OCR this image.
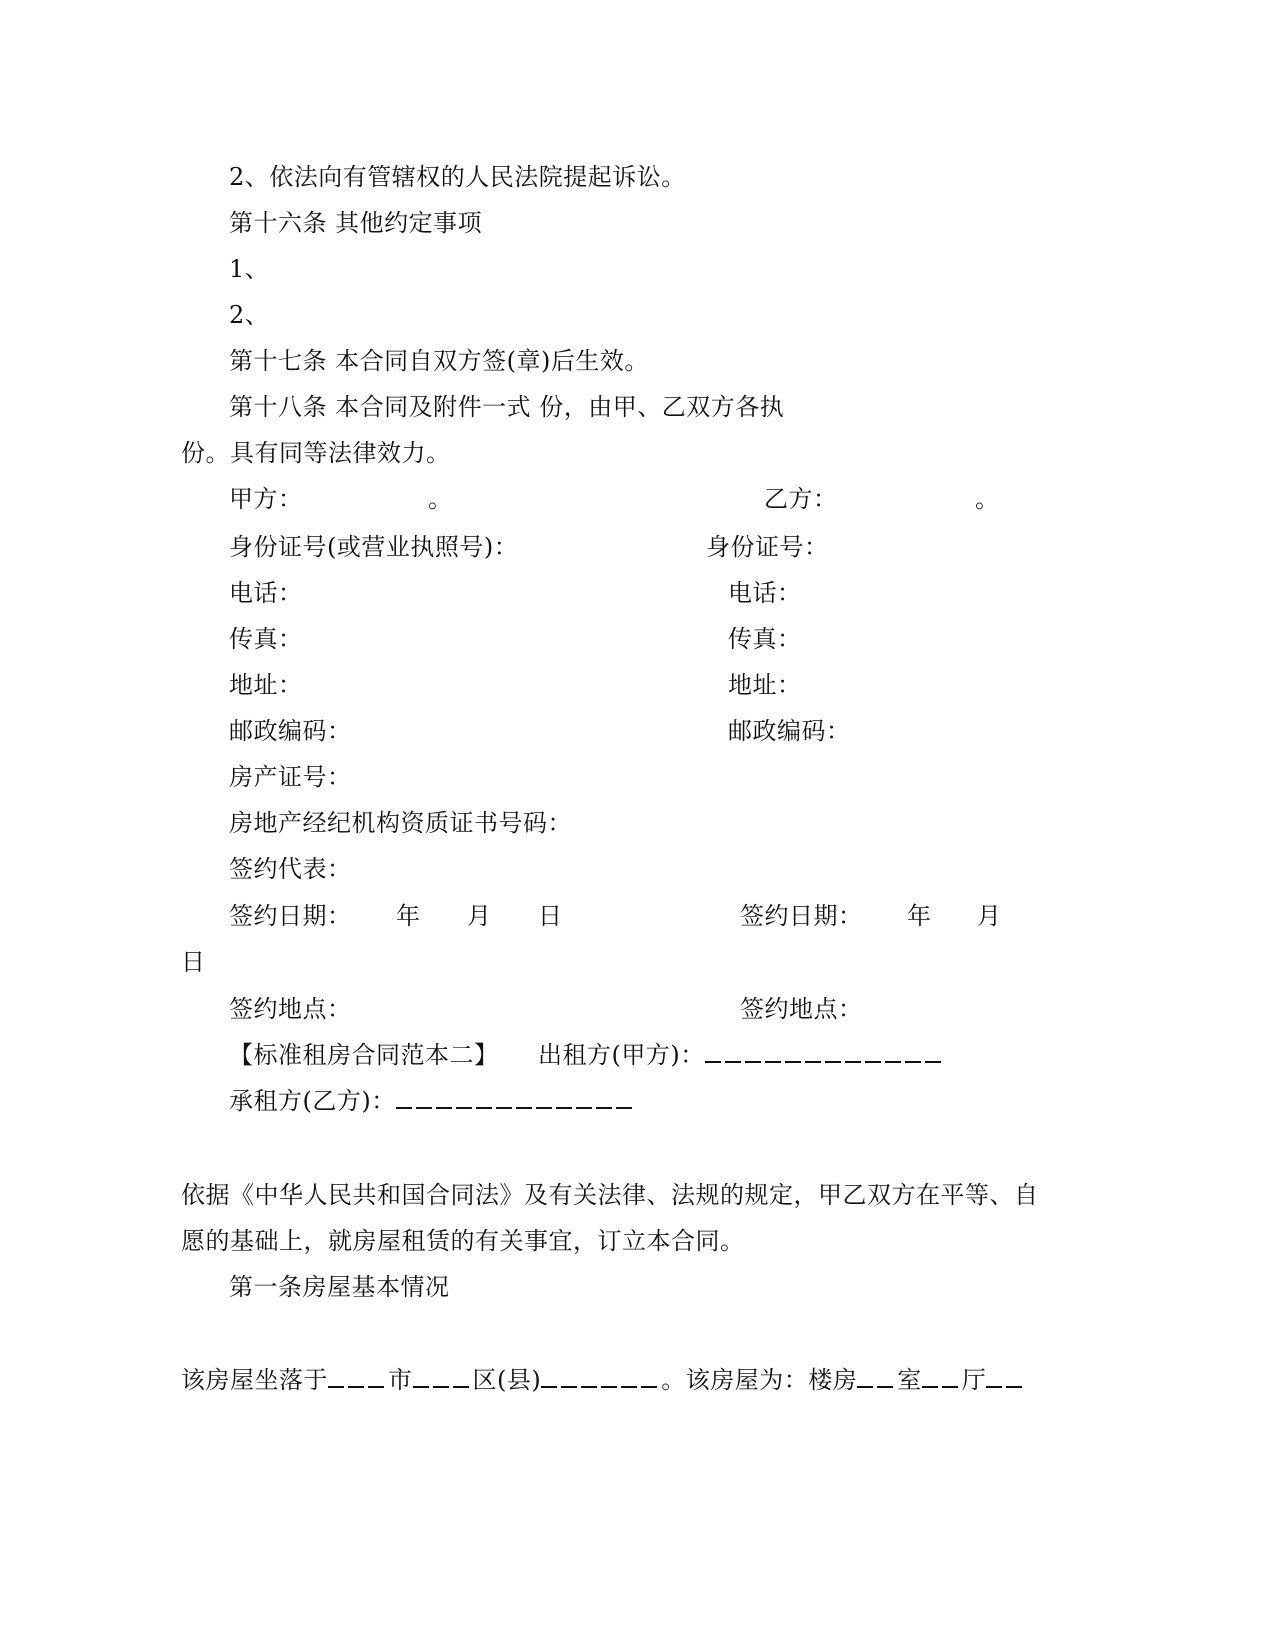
2、依法向有管辖权的人民法院提起诉讼。
第十六条 其他约定事项
1、
2、
第十七条 本合同自双方签(章)后生效。
第十八条 本合同及附件一式 份，由甲、乙双方各执
份。具有同等法律效力。
甲方：	。	乙方：	。
身份证号(或营业执照号)：	身份证号：
电话：	电话：
传真：	传真：
地址：	地址：
邮政编码：	邮政编码：
房产证号：
房地产经纪机构资质证书号码：
签约代表：
签约日期： 年 月 日	签约日期： 年 月
日
签约地点：	签约地点：
【标准租房合同范本二】 出租方(甲方)：
承租方(乙方)：
依据《中华人民共和国合同法》及有关法律、法规的规定，甲乙双方在平等、自
愿的基础上，就房屋租赁的有关事宜，订立本合同。
第一条房屋基本情况
该房屋坐落于	市	区(县)	。该房屋为：楼房 室 厅
